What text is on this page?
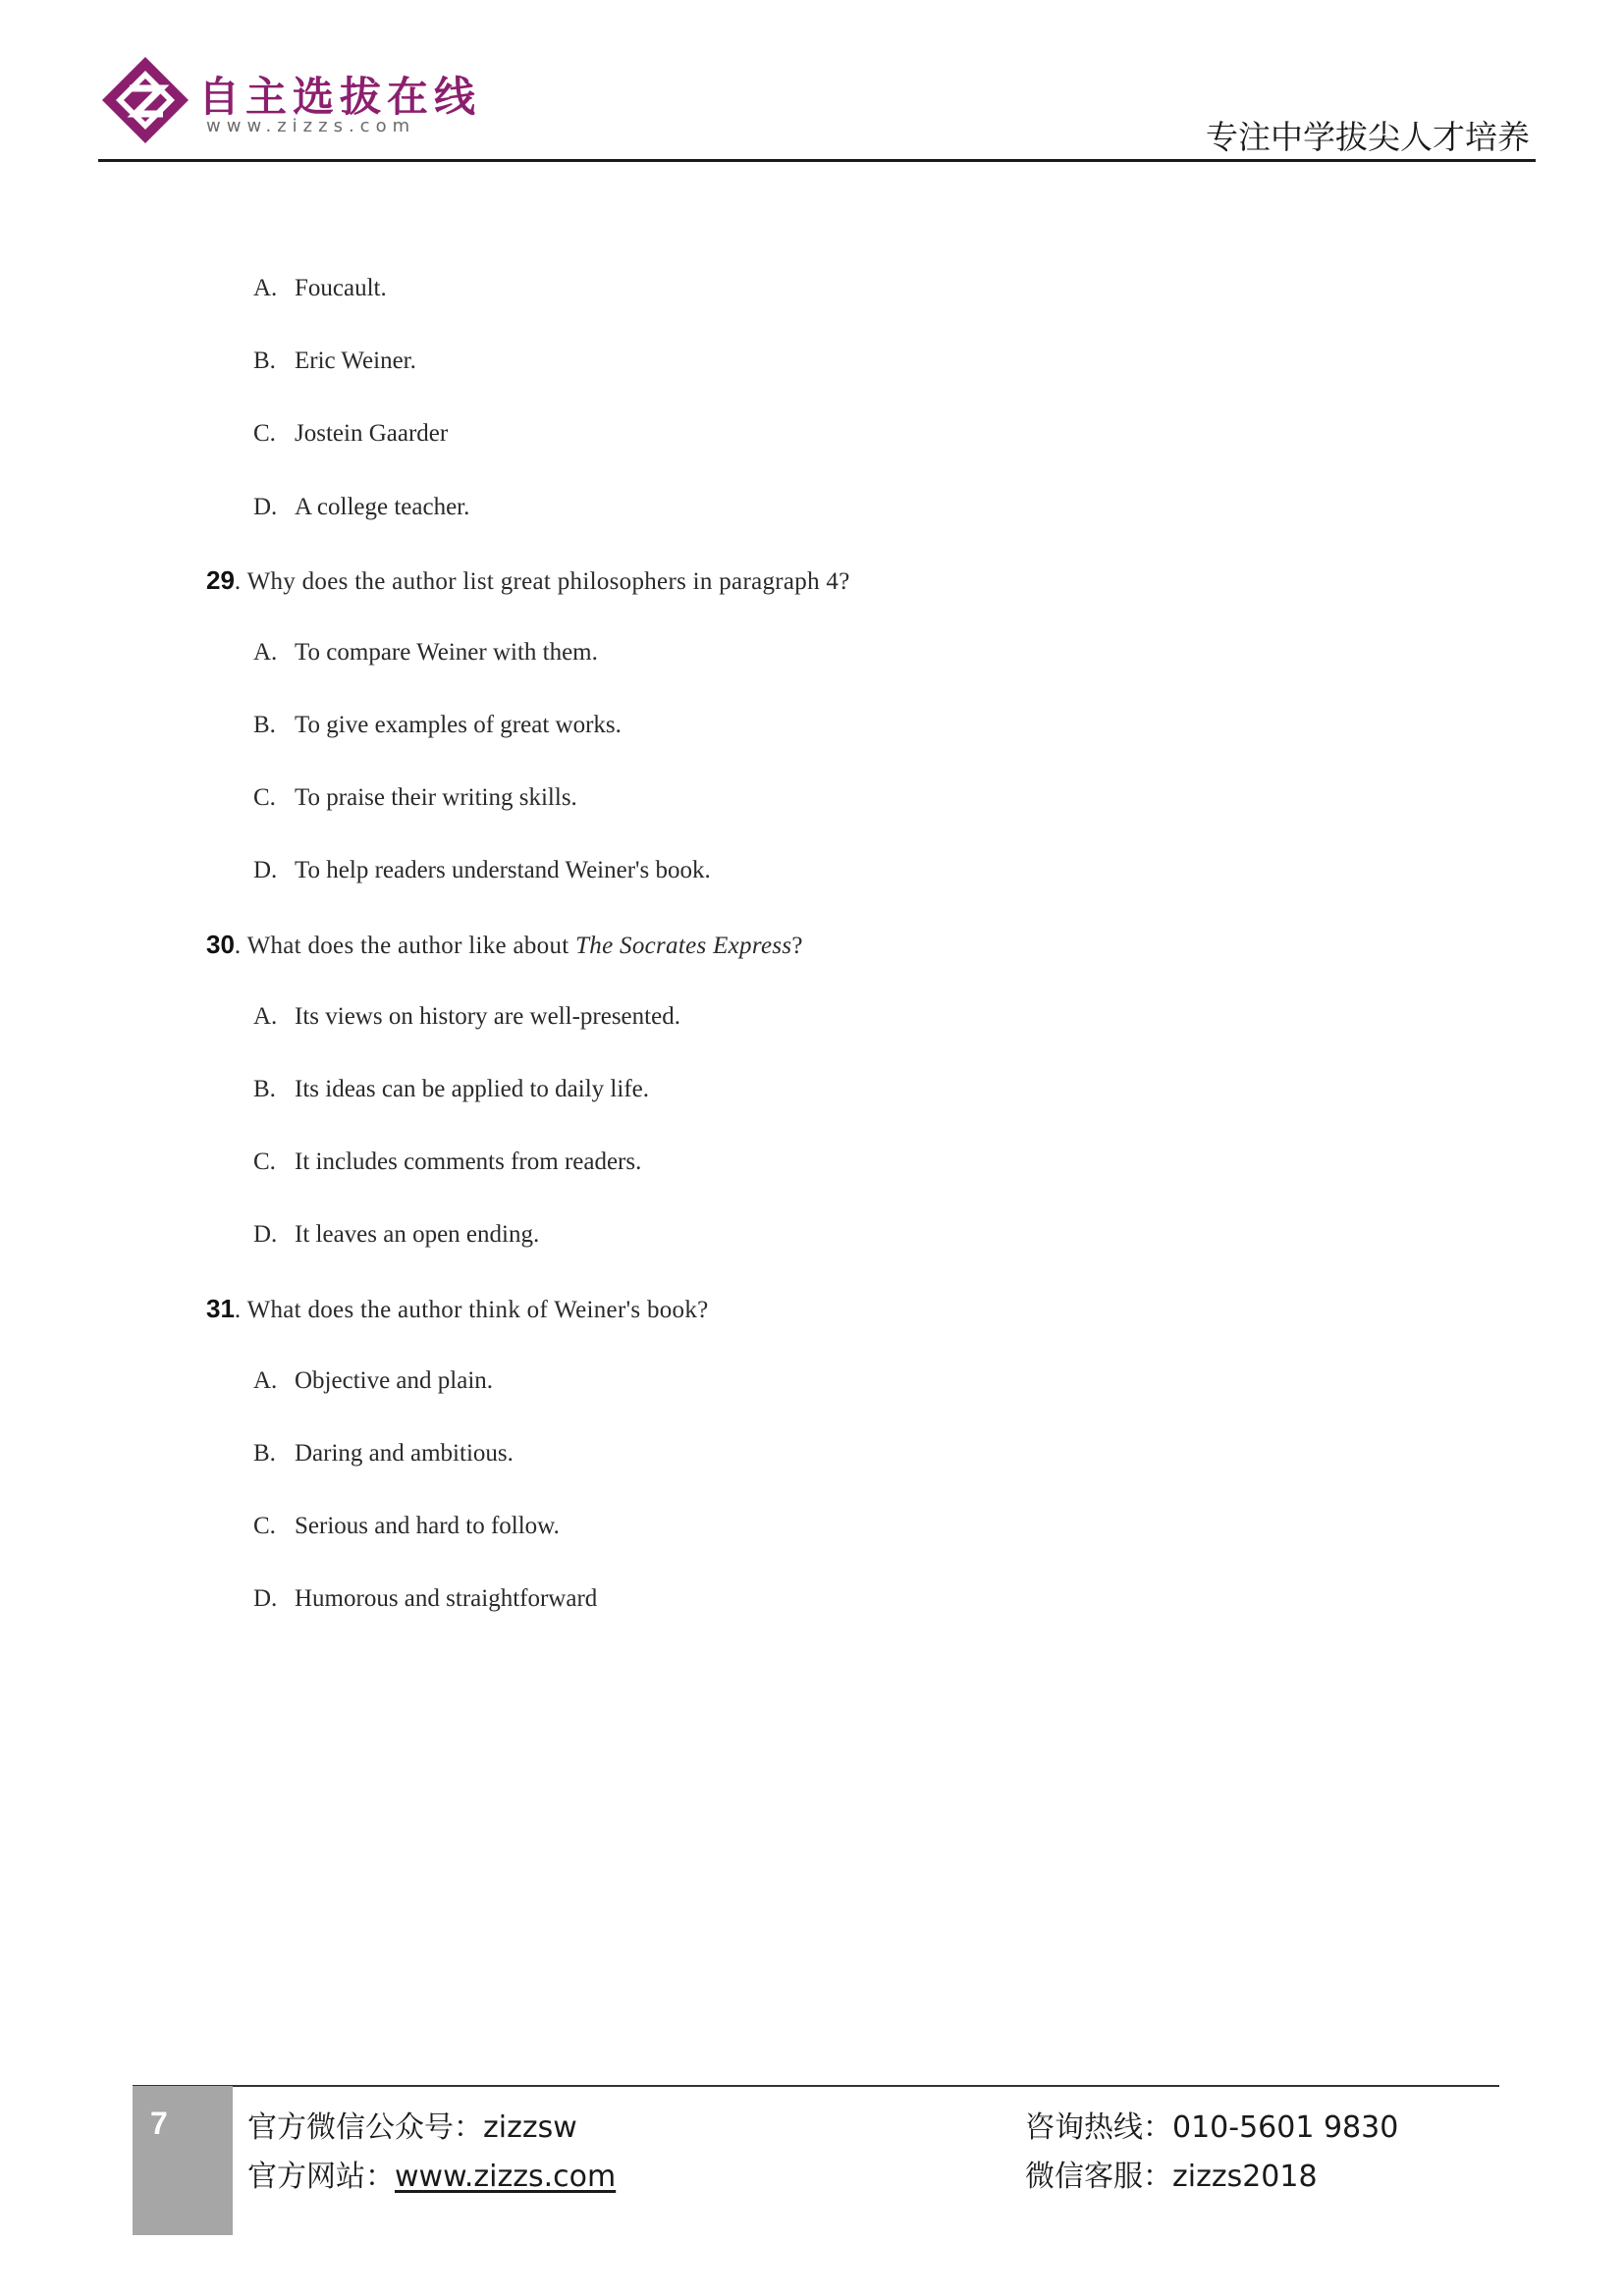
自主选拔在线
www.zizzs.com	专注中学拔尖人才培养
A. Foucault.
B. Eric Weiner.
C. Jostein Gaarder
D. A college teacher.
29. Why does the author list great philosophers in paragraph 4?
A. To compare Weiner with them.
B. To give examples of great works.
C. To praise their writing skills.
D. To help readers understand Weiner's book.
30. What does the author like about The Socrates Express?
A. Its views on history are well-presented.
B. Its ideas can be applied to daily life.
C. It includes comments from readers.
D. It leaves an open ending.
31. What does the author think of Weiner's book?
A. Objective and plain.
B. Daring and ambitious.
C. Serious and hard to follow.
D. Humorous and straightforward
7	官方微信公众号：zizzsw
官方网站：www.zizzs.com
咨询热线：010-5601 9830
微信客服：zizzs2018
